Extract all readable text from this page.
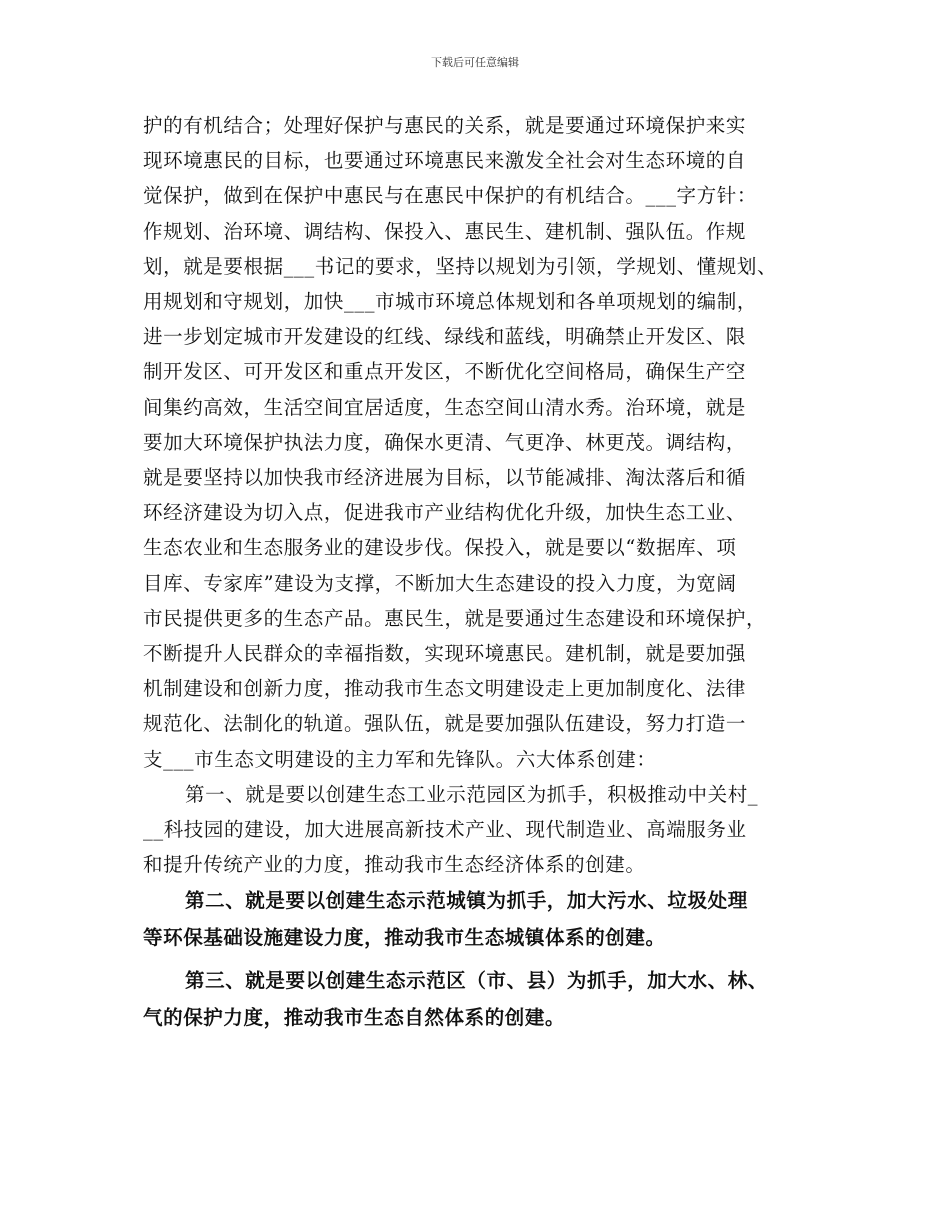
下载后可任意编辑

护的有机结合；处理好保护与惠民的关系，就是要通过环境保护来实
现环境惠民的目标，也要通过环境惠民来激发全社会对生态环境的自
觉保护，做到在保护中惠民与在惠民中保护的有机结合。___字方针：
作规划、治环境、调结构、保投入、惠民生、建机制、强队伍。作规
划，就是要根据___书记的要求，坚持以规划为引领，学规划、懂规划、
用规划和守规划，加快___市城市环境总体规划和各单项规划的编制，
进一步划定城市开发建设的红线、绿线和蓝线，明确禁止开发区、限
制开发区、可开发区和重点开发区，不断优化空间格局，确保生产空
间集约高效，生活空间宜居适度，生态空间山清水秀。治环境，就是
要加大环境保护执法力度，确保水更清、气更净、林更茂。调结构，
就是要坚持以加快我市经济进展为目标，以节能减排、淘汰落后和循
环经济建设为切入点，促进我市产业结构优化升级，加快生态工业、
生态农业和生态服务业的建设步伐。保投入，就是要以“数据库、项
目库、专家库”建设为支撑，不断加大生态建设的投入力度，为宽阔
市民提供更多的生态产品。惠民生，就是要通过生态建设和环境保护，
不断提升人民群众的幸福指数，实现环境惠民。建机制，就是要加强
机制建设和创新力度，推动我市生态文明建设走上更加制度化、法律
规范化、法制化的轨道。强队伍，就是要加强队伍建设，努力打造一
支___市生态文明建设的主力军和先锋队。六大体系创建：

第一、就是要以创建生态工业示范园区为抓手，积极推动中关村_
__科技园的建设，加大进展高新技术产业、现代制造业、高端服务业
和提升传统产业的力度，推动我市生态经济体系的创建。

第二、就是要以创建生态示范城镇为抓手，加大污水、垃圾处理
等环保基础设施建设力度，推动我市生态城镇体系的创建。

第三、就是要以创建生态示范区（市、县）为抓手，加大水、林、
气的保护力度，推动我市生态自然体系的创建。
